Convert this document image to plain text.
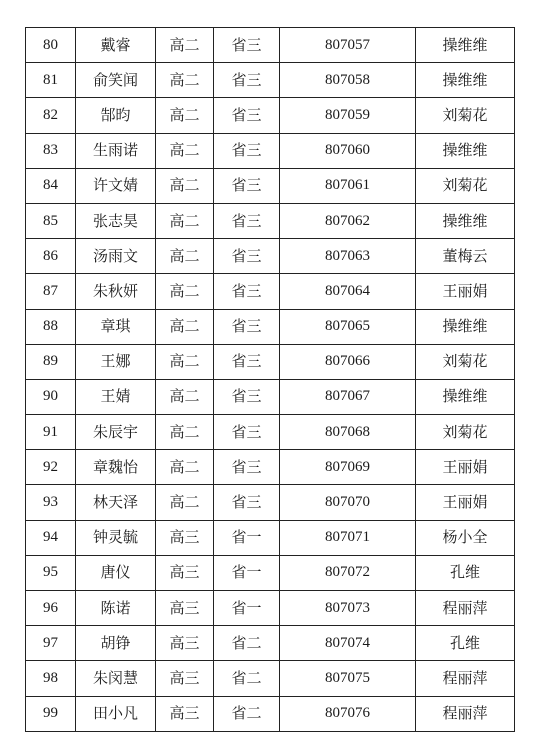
80	戴睿	高二	省三	807057	操维维
81	俞笑闻	高二	省三	807058	操维维
82	郜昀	高二	省三	807059	刘菊花
83	生雨诺	高二	省三	807060	操维维
84	许文婧	高二	省三	807061	刘菊花
85	张志昊	高二	省三	807062	操维维
86	汤雨文	高二	省三	807063	董梅云
87	朱秋妍	高二	省三	807064	王丽娟
88	章琪	高二	省三	807065	操维维
89	王娜	高二	省三	807066	刘菊花
90	王婧	高二	省三	807067	操维维
91	朱辰宇	高二	省三	807068	刘菊花
92	章魏怡	高二	省三	807069	王丽娟
93	林天泽	高二	省三	807070	王丽娟
94	钟灵毓	高三	省一	807071	杨小全
95	唐仪	高三	省一	807072	孔维
96	陈诺	高三	省一	807073	程丽萍
97	胡铮	高三	省二	807074	孔维
98	朱闵慧	高三	省二	807075	程丽萍
99	田小凡	高三	省二	807076	程丽萍
